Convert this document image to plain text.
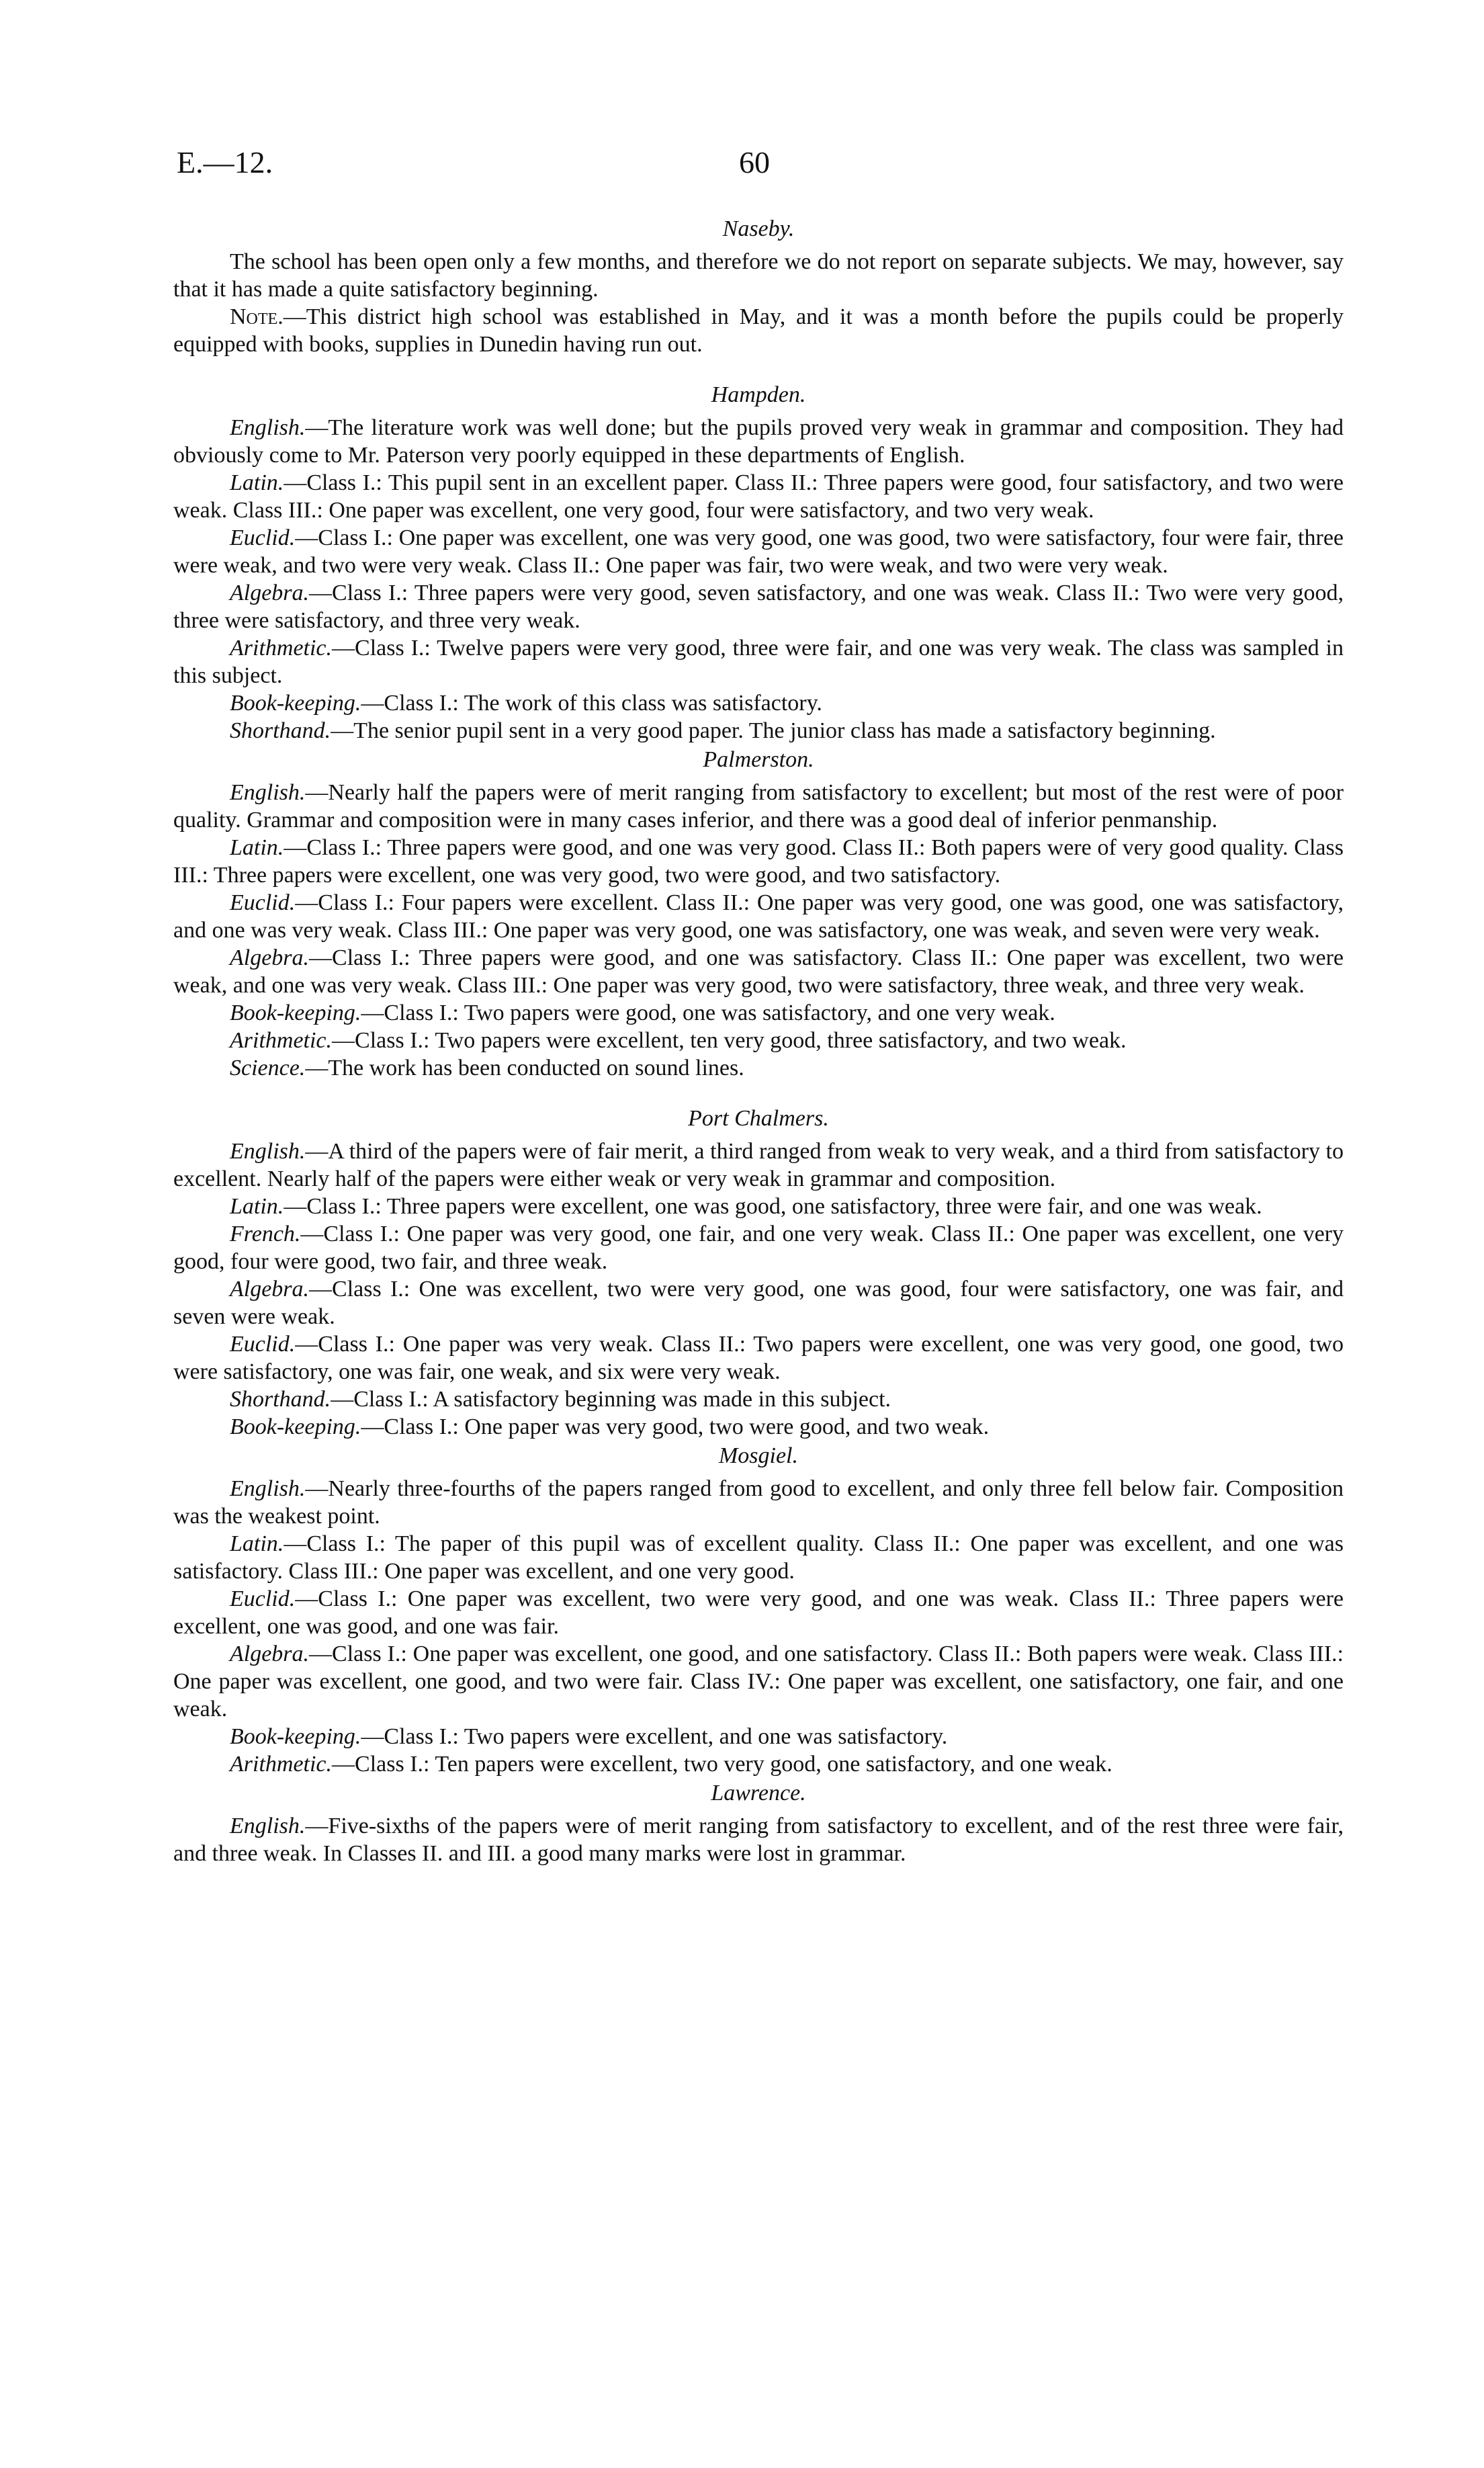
E.—12.	60
Naseby.

The school has been open only a few months, and therefore we do not report on separate subjects. We may, however, say that it has made a quite satisfactory beginning.

Note.—This district high school was established in May, and it was a month before the pupils could be properly equipped with books, supplies in Dunedin having run out.

Hampden.

English.—The literature work was well done; but the pupils proved very weak in grammar and composition. They had obviously come to Mr. Paterson very poorly equipped in these departments of English.

Latin.—Class I.: This pupil sent in an excellent paper. Class II.: Three papers were good, four satisfactory, and two were weak. Class III.: One paper was excellent, one very good, four were satisfactory, and two very weak.

Euclid.—Class I.: One paper was excellent, one was very good, one was good, two were satisfactory, four were fair, three were weak, and two were very weak. Class II.: One paper was fair, two were weak, and two were very weak.

Algebra.—Class I.: Three papers were very good, seven satisfactory, and one was weak. Class II.: Two were very good, three were satisfactory, and three very weak.

Arithmetic.—Class I.: Twelve papers were very good, three were fair, and one was very weak. The class was sampled in this subject.

Book-keeping.—Class I.: The work of this class was satisfactory.

Shorthand.—The senior pupil sent in a very good paper. The junior class has made a satisfactory beginning.

Palmerston.

English.—Nearly half the papers were of merit ranging from satisfactory to excellent; but most of the rest were of poor quality. Grammar and composition were in many cases inferior, and there was a good deal of inferior penmanship.

Latin.—Class I.: Three papers were good, and one was very good. Class II.: Both papers were of very good quality. Class III.: Three papers were excellent, one was very good, two were good, and two satisfactory.

Euclid.—Class I.: Four papers were excellent. Class II.: One paper was very good, one was good, one was satisfactory, and one was very weak. Class III.: One paper was very good, one was satisfactory, one was weak, and seven were very weak.

Algebra.—Class I.: Three papers were good, and one was satisfactory. Class II.: One paper was excellent, two were weak, and one was very weak. Class III.: One paper was very good, two were satisfactory, three weak, and three very weak.

Book-keeping.—Class I.: Two papers were good, one was satisfactory, and one very weak.

Arithmetic.—Class I.: Two papers were excellent, ten very good, three satisfactory, and two weak.

Science.—The work has been conducted on sound lines.

Port Chalmers.

English.—A third of the papers were of fair merit, a third ranged from weak to very weak, and a third from satisfactory to excellent. Nearly half of the papers were either weak or very weak in grammar and composition.

Latin.—Class I.: Three papers were excellent, one was good, one satisfactory, three were fair, and one was weak.

French.—Class I.: One paper was very good, one fair, and one very weak. Class II.: One paper was excellent, one very good, four were good, two fair, and three weak.

Algebra.—Class I.: One was excellent, two were very good, one was good, four were satisfactory, one was fair, and seven were weak.

Euclid.—Class I.: One paper was very weak. Class II.: Two papers were excellent, one was very good, one good, two were satisfactory, one was fair, one weak, and six were very weak.

Shorthand.—Class I.: A satisfactory beginning was made in this subject.

Book-keeping.—Class I.: One paper was very good, two were good, and two weak.

Mosgiel.

English.—Nearly three-fourths of the papers ranged from good to excellent, and only three fell below fair. Composition was the weakest point.

Latin.—Class I.: The paper of this pupil was of excellent quality. Class II.: One paper was excellent, and one was satisfactory. Class III.: One paper was excellent, and one very good.

Euclid.—Class I.: One paper was excellent, two were very good, and one was weak. Class II.: Three papers were excellent, one was good, and one was fair.

Algebra.—Class I.: One paper was excellent, one good, and one satisfactory. Class II.: Both papers were weak. Class III.: One paper was excellent, one good, and two were fair. Class IV.: One paper was excellent, one satisfactory, one fair, and one weak.

Book-keeping.—Class I.: Two papers were excellent, and one was satisfactory.

Arithmetic.—Class I.: Ten papers were excellent, two very good, one satisfactory, and one weak.

Lawrence.

English.—Five-sixths of the papers were of merit ranging from satisfactory to excellent, and of the rest three were fair, and three weak. In Classes II. and III. a good many marks were lost in grammar.
